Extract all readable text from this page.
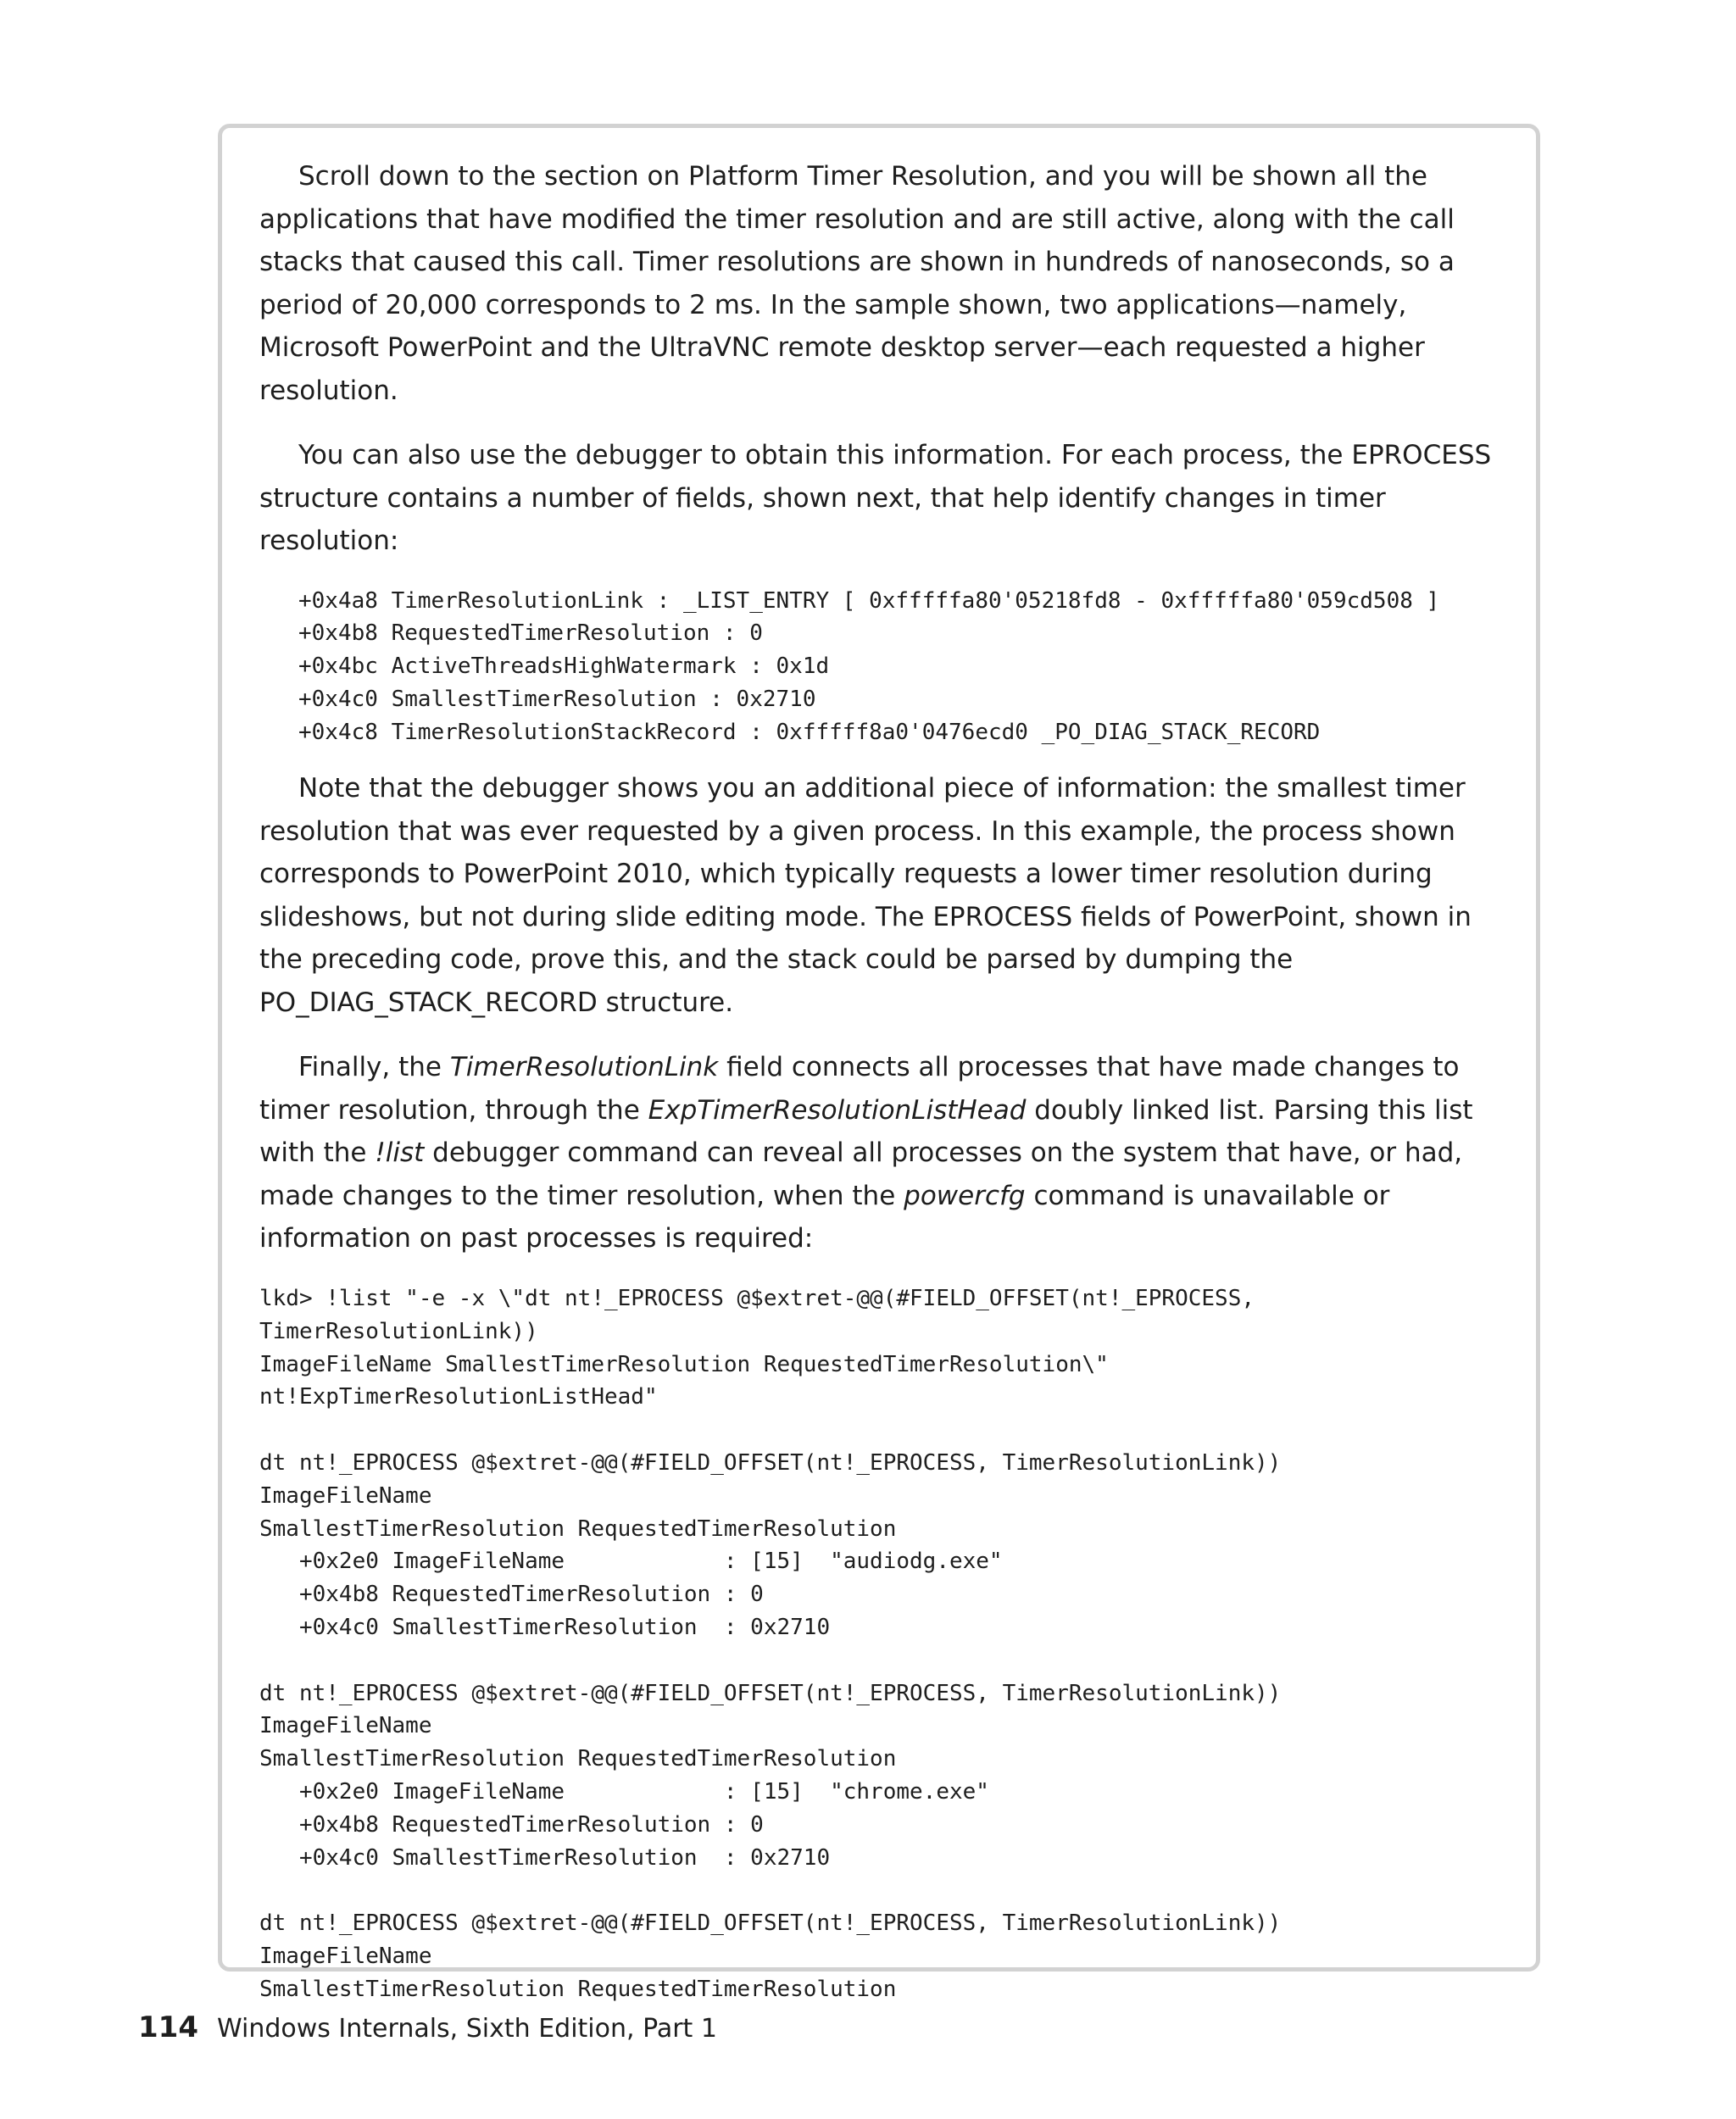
Scroll down to the section on Platform Timer Resolution, and you will be shown all the applications that have modified the timer resolution and are still active, along with the call stacks that caused this call. Timer resolutions are shown in hundreds of nanoseconds, so a period of 20,000 corresponds to 2 ms. In the sample shown, two applications—namely, Microsoft PowerPoint and the UltraVNC remote desktop server—each requested a higher resolution.

You can also use the debugger to obtain this information. For each process, the EPROCESS structure contains a number of fields, shown next, that help identify changes in timer resolution:

+0x4a8 TimerResolutionLink : _LIST_ENTRY [ 0xfffffa80'05218fd8 - 0xfffffa80'059cd508 ]
+0x4b8 RequestedTimerResolution : 0
+0x4bc ActiveThreadsHighWatermark : 0x1d
+0x4c0 SmallestTimerResolution : 0x2710
+0x4c8 TimerResolutionStackRecord : 0xfffff8a0'0476ecd0 _PO_DIAG_STACK_RECORD

Note that the debugger shows you an additional piece of information: the smallest timer resolution that was ever requested by a given process. In this example, the process shown corresponds to PowerPoint 2010, which typically requests a lower timer resolution during slideshows, but not during slide editing mode. The EPROCESS fields of PowerPoint, shown in the preceding code, prove this, and the stack could be parsed by dumping the PO_DIAG_STACK_RECORD structure.

Finally, the TimerResolutionLink field connects all processes that have made changes to timer resolution, through the ExpTimerResolutionListHead doubly linked list. Parsing this list with the !list debugger command can reveal all processes on the system that have, or had, made changes to the timer resolution, when the powercfg command is unavailable or information on past processes is required:

lkd> !list "-e -x \"dt nt!_EPROCESS @$extret-@@(#FIELD_OFFSET(nt!_EPROCESS,
TimerResolutionLink))
ImageFileName SmallestTimerResolution RequestedTimerResolution\"
nt!ExpTimerResolutionListHead"

dt nt!_EPROCESS @$extret-@@(#FIELD_OFFSET(nt!_EPROCESS, TimerResolutionLink))
ImageFileName
SmallestTimerResolution RequestedTimerResolution
+0x2e0 ImageFileName            : [15]  "audiodg.exe"
+0x4b8 RequestedTimerResolution : 0
+0x4c0 SmallestTimerResolution  : 0x2710

dt nt!_EPROCESS @$extret-@@(#FIELD_OFFSET(nt!_EPROCESS, TimerResolutionLink))
ImageFileName
SmallestTimerResolution RequestedTimerResolution
+0x2e0 ImageFileName            : [15]  "chrome.exe"
+0x4b8 RequestedTimerResolution : 0
+0x4c0 SmallestTimerResolution  : 0x2710

dt nt!_EPROCESS @$extret-@@(#FIELD_OFFSET(nt!_EPROCESS, TimerResolutionLink))
ImageFileName
SmallestTimerResolution RequestedTimerResolution
114 Windows Internals, Sixth Edition, Part 1
